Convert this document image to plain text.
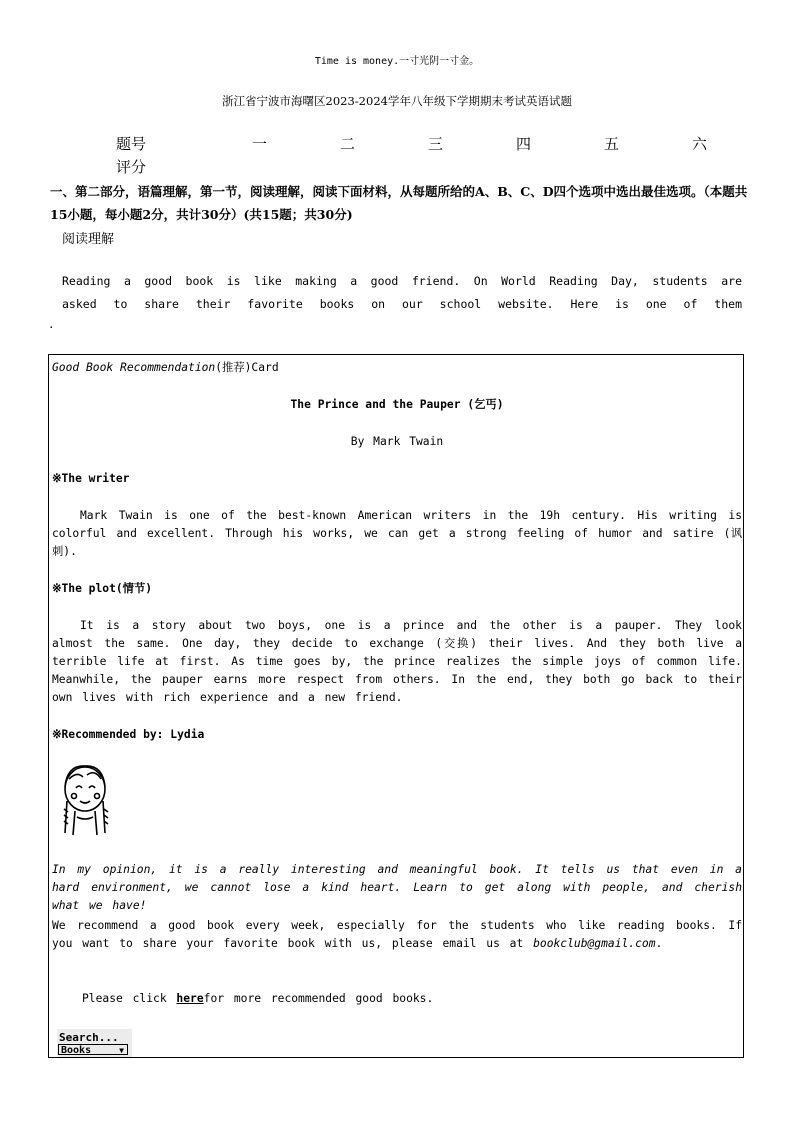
Time is money.一寸光阴一寸金。
浙江省宁波市海曙区2023-2024学年八年级下学期期末考试英语试题
题号	一	二	三	四	五	六
评分
一、第二部分，语篇理解，第一节，阅读理解，阅读下面材料，从每题所给的A、B、C、D四个选项中选出最佳选项。（本题共15小题，每小题2分，共计30分）(共15题；共30分)
阅读理解
Reading a good book is like making a good friend. On World Reading Day, students are asked to share their favorite books on our school website. Here is one of them
.
Good Book Recommendation(推荐)Card
The Prince and the Pauper (乞丐)
By Mark Twain
※The writer
Mark Twain is one of the best-known American writers in the 19h century. His writing is colorful and excellent. Through his works, we can get a strong feeling of humor and satire (讽刺).
※The plot(情节)
It is a story about two boys, one is a prince and the other is a pauper. They look almost the same. One day, they decide to exchange (交换) their lives. And they both live a terrible life at first. As time goes by, the prince realizes the simple joys of common life. Meanwhile, the pauper earns more respect from others. In the end, they both go back to their own lives with rich experience and a new friend.
※Recommended by: Lydia
In my opinion, it is a really interesting and meaningful book. It tells us that even in a hard environment, we cannot lose a kind heart. Learn to get along with people, and cherish what we have!
We recommend a good book every week, especially for the students who like reading books. If you want to share your favorite book with us, please email us at bookclub@gmail.com.
Please click herefor more recommended good books.
Search...
Books	▼
